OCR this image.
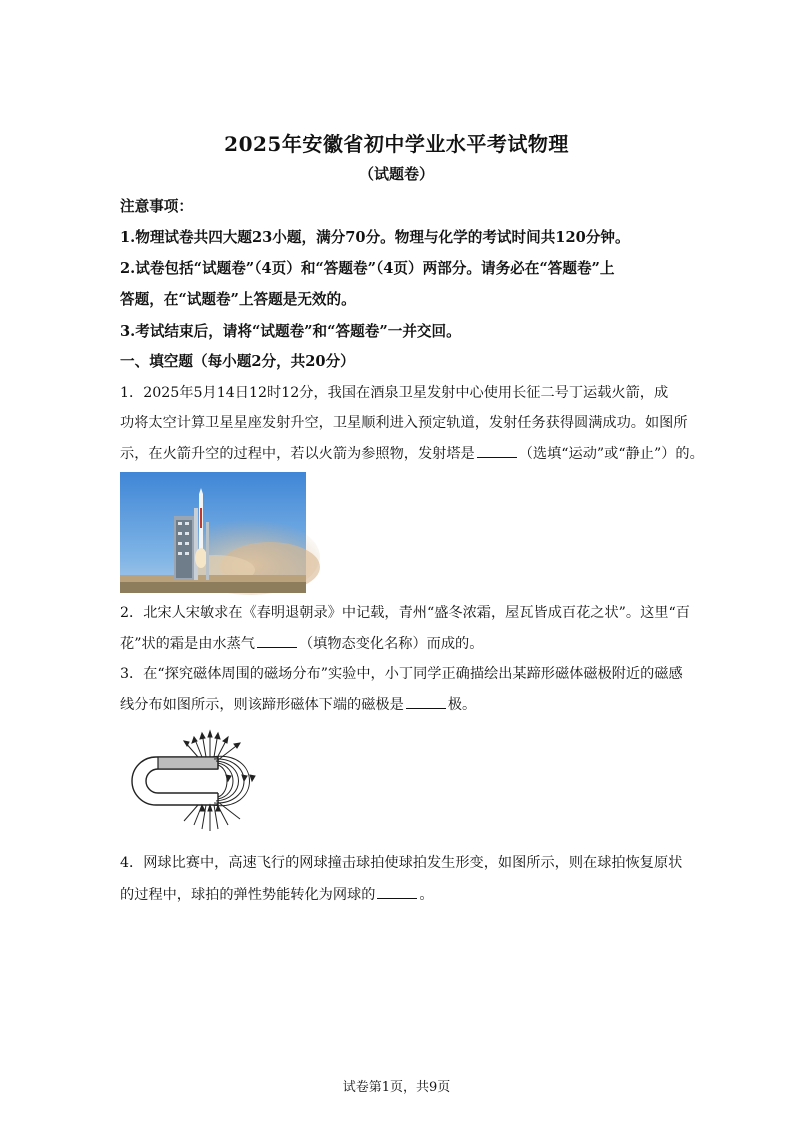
2025年安徽省初中学业水平考试物理
（试题卷）
注意事项：
1.物理试卷共四大题23小题，满分70分。物理与化学的考试时间共120分钟。
2.试卷包括“试题卷”（4页）和“答题卷”（4页）两部分。请务必在“答题卷”上
答题，在“试题卷”上答题是无效的。
3.考试结束后，请将“试题卷”和“答题卷”一并交回。
一、填空题（每小题2分，共20分）
1．2025年5月14日12时12分，我国在酒泉卫星发射中心使用长征二号丁运载火箭，成
功将太空计算卫星星座发射升空，卫星顺利进入预定轨道，发射任务获得圆满成功。如图所
示，在火箭升空的过程中，若以火箭为参照物，发射塔是	（选填“运动”或“静止”）的。
2．北宋人宋敏求在《春明退朝录》中记载，青州“盛冬浓霜，屋瓦皆成百花之状”。这里“百
花”状的霜是由水蒸气	（填物态变化名称）而成的。
3．在“探究磁体周围的磁场分布”实验中，小丁同学正确描绘出某蹄形磁体磁极附近的磁感
线分布如图所示，则该蹄形磁体下端的磁极是	极。
4．网球比赛中，高速飞行的网球撞击球拍使球拍发生形变，如图所示，则在球拍恢复原状
的过程中，球拍的弹性势能转化为网球的	。
试卷第1页，共9页
